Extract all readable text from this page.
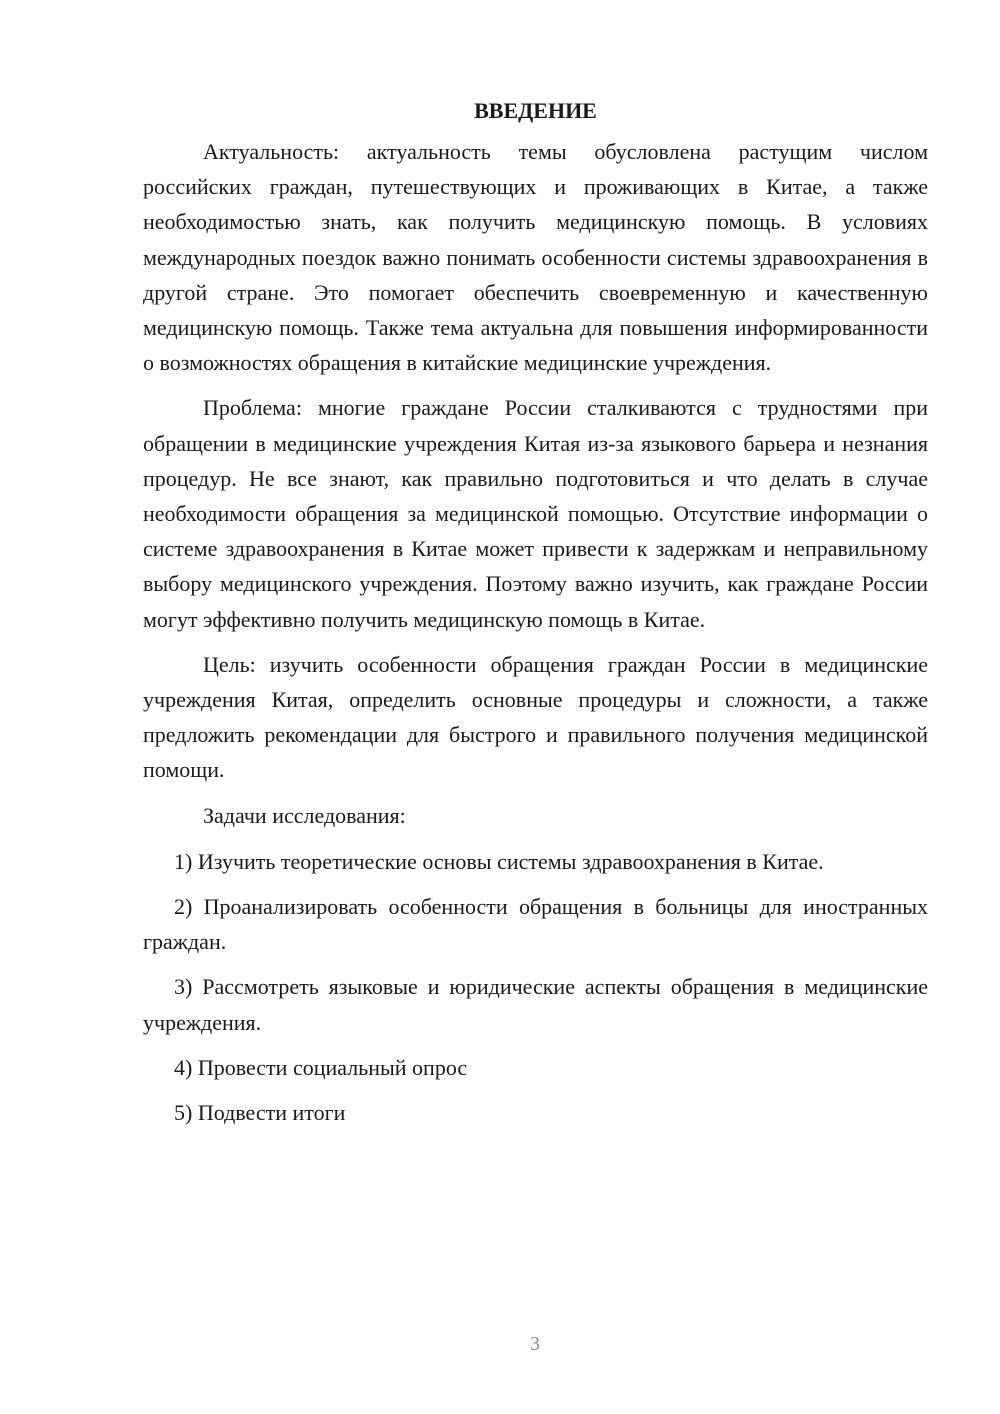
ВВЕДЕНИЕ

Актуальность: актуальность темы обусловлена растущим числом российских граждан, путешествующих и проживающих в Китае, а также необходимостью знать, как получить медицинскую помощь. В условиях международных поездок важно понимать особенности системы здравоохранения в другой стране. Это помогает обеспечить своевременную и качественную медицинскую помощь. Также тема актуальна для повышения информированности о возможностях обращения в китайские медицинские учреждения.

Проблема: многие граждане России сталкиваются с трудностями при обращении в медицинские учреждения Китая из-за языкового барьера и незнания процедур. Не все знают, как правильно подготовиться и что делать в случае необходимости обращения за медицинской помощью. Отсутствие информации о системе здравоохранения в Китае может привести к задержкам и неправильному выбору медицинского учреждения. Поэтому важно изучить, как граждане России могут эффективно получить медицинскую помощь в Китае.

Цель: изучить особенности обращения граждан России в медицинские учреждения Китая, определить основные процедуры и сложности, а также предложить рекомендации для быстрого и правильного получения медицинской помощи.

Задачи исследования:

1) Изучить теоретические основы системы здравоохранения в Китае.

2) Проанализировать особенности обращения в больницы для иностранных граждан.

3) Рассмотреть языковые и юридические аспекты обращения в медицинские учреждения.

4) Провести социальный опрос

5) Подвести итоги

3
